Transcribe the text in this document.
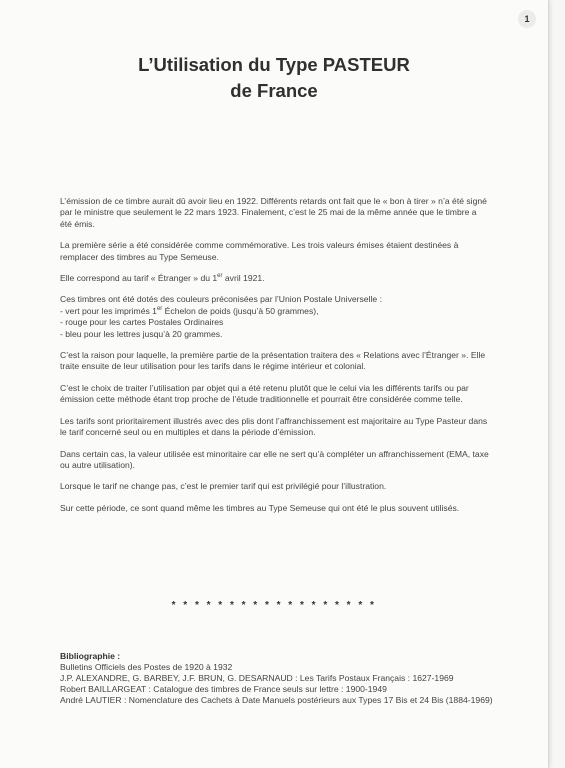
1
L’Utilisation du Type PASTEUR
de France

L’émission de ce timbre aurait dû avoir lieu en 1922. Différents retards ont fait que le « bon à tirer » n’a été signé par le ministre que seulement le 22 mars 1923. Finalement, c’est le 25 mai de la même année que le timbre a été émis.

La première série a été considérée comme commémorative. Les trois valeurs émises étaient destinées à remplacer des timbres au Type Semeuse.

Elle correspond au tarif « Étranger » du 1er avril 1921.

Ces timbres ont été dotés des couleurs préconisées par l’Union Postale Universelle :
- vert pour les imprimés 1er Échelon de poids (jusqu’à 50 grammes),
- rouge pour les cartes Postales Ordinaires
- bleu pour les lettres jusqu’à 20 grammes.

C’est la raison pour laquelle, la première partie de la présentation traitera des « Relations avec l’Étranger ». Elle traite ensuite de leur utilisation pour les tarifs dans le régime intérieur et colonial.

C’est le choix de traiter l’utilisation par objet qui a été retenu plutôt que le celui via les différents tarifs ou par émission cette méthode étant trop proche de l’étude traditionnelle et pourrait être considérée comme telle.

Les tarifs sont prioritairement illustrés avec des plis dont l’affranchissement est majoritaire au Type Pasteur dans le tarif concerné seul ou en multiples et dans la période d’émission.

Dans certain cas, la valeur utilisée est minoritaire car elle ne sert qu’à compléter un affranchissement (EMA, taxe ou autre utilisation).

Lorsque le tarif ne change pas, c’est le premier tarif qui est privilégié pour l’illustration.

Sur cette période, ce sont quand même les timbres au Type Semeuse qui ont été le plus souvent utilisés.

* * * * * * * * * * * * * * * * * *
Bibliographie :
Bulletins Officiels des Postes de 1920 à 1932
J.P. ALEXANDRE, G. BARBEY, J.F. BRUN, G. DESARNAUD : Les Tarifs Postaux Français : 1627-1969
Robert BAILLARGEAT : Catalogue des timbres de France seuls sur lettre : 1900-1949
André LAUTIER : Nomenclature des Cachets à Date Manuels postérieurs aux Types 17 Bis et 24 Bis (1884-1969)
